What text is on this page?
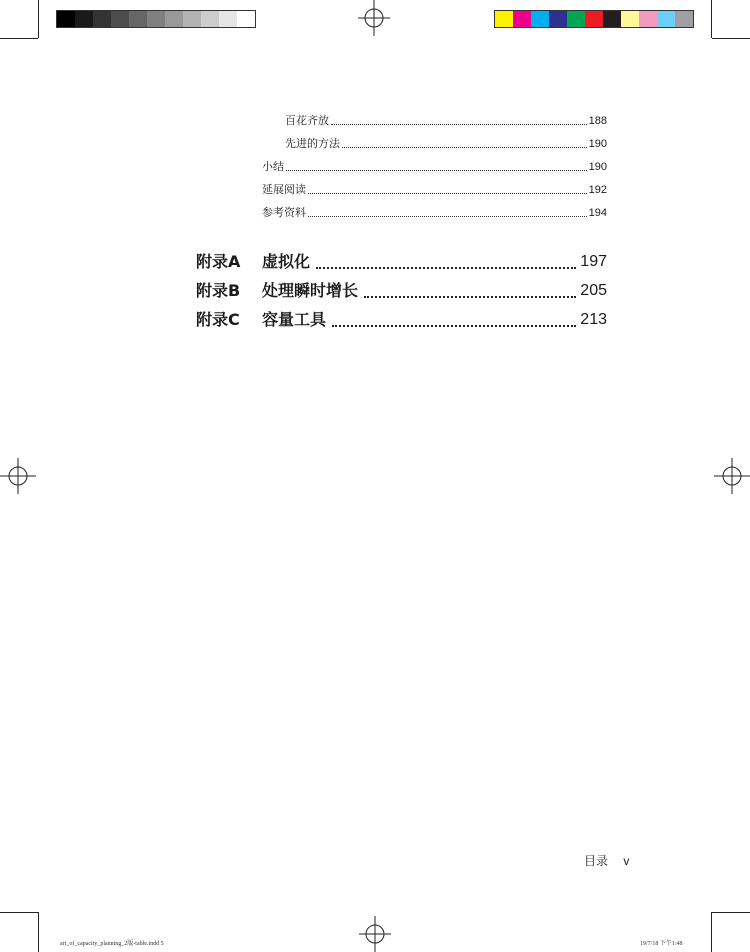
百花齐放	188
先进的方法	190
小结	190
延展阅读	192
参考资料	194
附录A	虚拟化	197
附录B	处理瞬时增长	205
附录C	容量工具	213
目录 v
art_of_capacity_planning_2版-table.indd 5	19/7/18 下午1:48
